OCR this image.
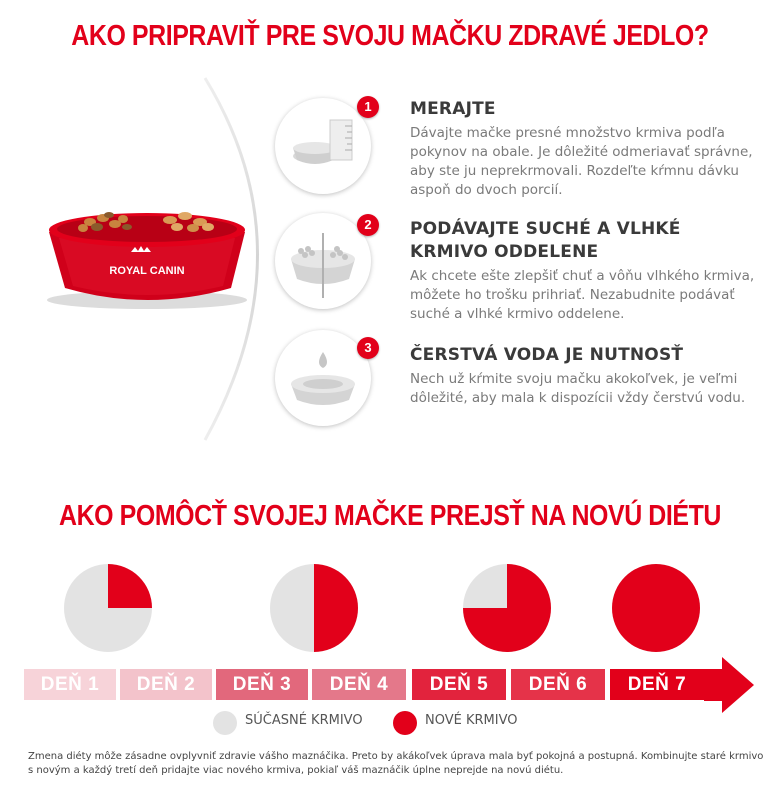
AKO PRIPRAVIŤ PRE SVOJU MAČKU ZDRAVÉ JEDLO?
ROYAL CANIN
1
2
3
MERAJTE

Dávajte mačke presné množstvo krmiva podľa pokynov na obale. Je dôležité odmeriavať správne, aby ste ju neprekrmovali. Rozdeľte kŕmnu dávku aspoň do dvoch porcií.

PODÁVAJTE SUCHÉ A VLHKÉ KRMIVO ODDELENE

Ak chcete ešte zlepšiť chuť a vôňu vlhkého krmiva, môžete ho trošku prihriať. Nezabudnite podávať suché a vlhké krmivo oddelene.

ČERSTVÁ VODA JE NUTNOSŤ

Nech už kŕmite svoju mačku akokoľvek, je veľmi dôležité, aby mala k dispozícii vždy čerstvú vodu.

AKO POMÔCŤ SVOJEJ MAČKE PREJSŤ NA NOVÚ DIÉTU
DEŇ 1	DEŇ 2	DEŇ 3	DEŇ 4	DEŇ 5	DEŇ 6	DEŇ 7
SÚČASNÉ KRMIVO	NOVÉ KRMIVO
Zmena diéty môže zásadne ovplyvniť zdravie vášho maznáčika. Preto by akákoľvek úprava mala byť pokojná a postupná. Kombinujte staré krmivo s novým a každý tretí deň pridajte viac nového krmiva, pokiaľ váš maznáčik úplne neprejde na novú diétu.
